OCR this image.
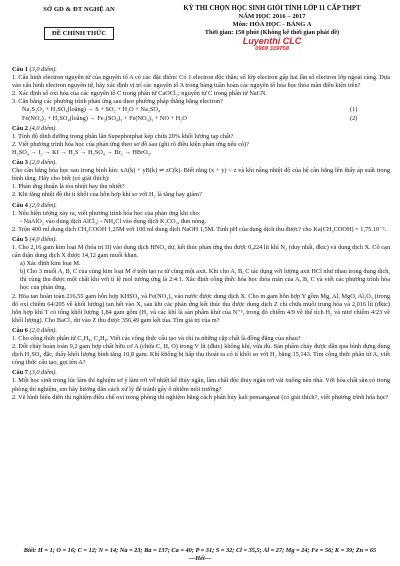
SỞ GD & ĐT NGHỆ AN
ĐỀ CHÍNH THỨC
KỲ THI CHỌN HỌC SINH GIỎI TỈNH LỚP 11 CẤP THPT
NĂM HỌC 2016 – 2017
Môn: HÓA HỌC - BẢNG A
Thời gian: 150 phút (Không kể thời gian phát đề)
Luyenthi CLC
0969 339758
Câu 1 (3,0 điểm).
1. Cấu hình electron nguyên tử của nguyên tố A có các đặc điểm: Có 1 electron độc thân; số lớp electron gấp hai lần số electron lớp ngoài cùng. Dựa vào cấu hình electron nguyên tử, hãy xác định vị trí các nguyên tố A trong bảng tuần hoàn các nguyên tố hóa học thỏa mãn điều kiện trên?
2. Xác định số oxi hóa của các nguyên tố C trong phân tử CaOCl₂; nguyên tử C trong phân tử NaCN.
3. Cân bằng các phương trình phản ứng sau theo phương pháp thăng bằng electron?
Na₂S₂O₃ + H₂SO₄(loãng) → S + SO₂ + H₂O + Na₂SO₄	(1)
Fe(NO₃)₂ + H₂SO₄(loãng) → Fe₂(SO₄)₃ + Fe(NO₃)₃ + NO + H₂O	(2)
Câu 2 (4,0 điểm).
1. Tính độ dinh dưỡng trong phân lân Supephotphat kép chứa 20% khối lượng tạp chất?
2. Viết phương trình hóa học của phản ứng theo sơ đồ sau (ghi rõ điều kiện phản ứng nếu có)?
H₂SO₄ → I₂ → KI → H₂S → H₂SO₄ → Br₂ → HBrO₃.
Câu 3 (2,0 điểm).
Cho cân bằng hóa học sau trong bình kín: xA(k) + yB(k) ⇌ zC(k). Biết rằng (x + y) < z và khi nâng nhiệt độ của hệ cân bằng lên thấy áp suất trong bình tăng. Hãy cho biết (có giải thích):
1. Phản ứng thuận là tỏa nhiệt hay thu nhiệt?
2. Khi tăng nhiệt độ thì tỉ khối của hỗn hợp khí so với H₂ là tăng hay giảm?
Câu 4 (2,0 điểm).
1. Nêu hiện tượng xảy ra, viết phương trình hóa học của phản ứng khi cho:
- NaAlO₂ vào dung dịch AlCl₃; - NH₄Cl vào dung dịch K₂CO₃, đun nóng.
2. Trộn 400 ml dung dịch CH₃COOH 1,25M với 100 ml dung dịch NaOH 1,5M. Tính pH của dung dịch thu được? cho Ka(CH₃COOH) = 1,75.10⁻⁵.
Câu 5 (4,0 điểm).
1. Cho 2,16 gam kim loại M (hóa trị II) vào dung dịch HNO₃ dư, kết thúc phản ứng thu được 0,224 lít khí N₂ (duy nhất, đktc) và dung dịch X. Cô cạn cẩn thận dung dịch X được 14,12 gam muối khan.
a) Xác định kim loại M.
b) Cho 3 muối A, B, C của cùng kim loại M ở trên tạo ra từ cùng một axit. Khi cho A, B, C tác dụng với lượng axit HCl như nhau trong dung dịch, thì cùng thu được một chất khí với tỉ lệ mol tương ứng là 2:4:1. Xác định công thức hóa học thỏa mãn của A, B, C và viết các phương trình hóa học của phản ứng.
2. Hòa tan hoàn toàn 216,55 gam hỗn hợp KHSO₄ và Fe(NO₃)₃ vào nước được dung dịch X. Cho m gam hỗn hợp Y gồm Mg, Al, MgO, Al₂O₃ (trong đó oxi chiếm 64/205 về khối lượng) tan hết vào X, sau khi các phản ứng kết thúc thu được dung dịch Z chỉ chứa muối trung hòa và 2,016 lít (đktc) hỗn hợp khí T có tổng khối lượng 1,84 gam gồm (H₂ và các khí là sản phẩm khử của N⁺⁵, trong đó chiếm 4/9 về thể tích H₂ và nitơ chiếm 4/23 về khối lượng). Cho BaCl₂ dư vào Z thu được 356,49 gam kết tủa. Tìm giá trị của m?
Câu 6 (2,0 điểm).
1. Cho công thức phân tử C₅H₈, C₄H₈. Viết các công thức cấu tạo và chỉ ra những cặp chất là đồng đẳng của nhau?
2. Đốt cháy hoàn toàn 9,2 gam hợp chất hữu cơ A (chứa C, H, O) trong V lít (đktc) không khí, vừa đủ. Sản phẩm cháy được dẫn qua bình đựng dung dịch H₂SO₄ đặc, thấy khối lượng bình tăng 10,8 gam. Khí không bị hấp thụ thoát ra có tỉ khối so với H₂ bằng 15,143. Tìm công thức phân tử A, viết công thức cấu tạo, gọi tên A?
Câu 7 (3,0 điểm).
1. Một học sinh trong lúc làm thí nghiệm sơ ý làm rơi vỡ nhiệt kế thủy ngân, làm chất độc thủy ngân rơi vãi xuống nền nhà. Với hóa chất sẵn có trong phòng thí nghiệm, em hãy hướng dẫn cách xử lý để tránh gây ô nhiễm môi trường?
2. Vẽ hình biểu diễn thí nghiệm điều chế oxi trong phòng thí nghiệm bằng cách phân hủy kali pemanganat (có giải thích?, viết phương trình hóa học?
Biết: H = 1; O = 16; C = 12; N = 14; Na = 23; Ba = 137; Ca = 40; P = 31; S = 32; Cl = 35,5; Al = 27; Mg = 24; Fe = 56; K = 39; Zn = 65
---Hết---
